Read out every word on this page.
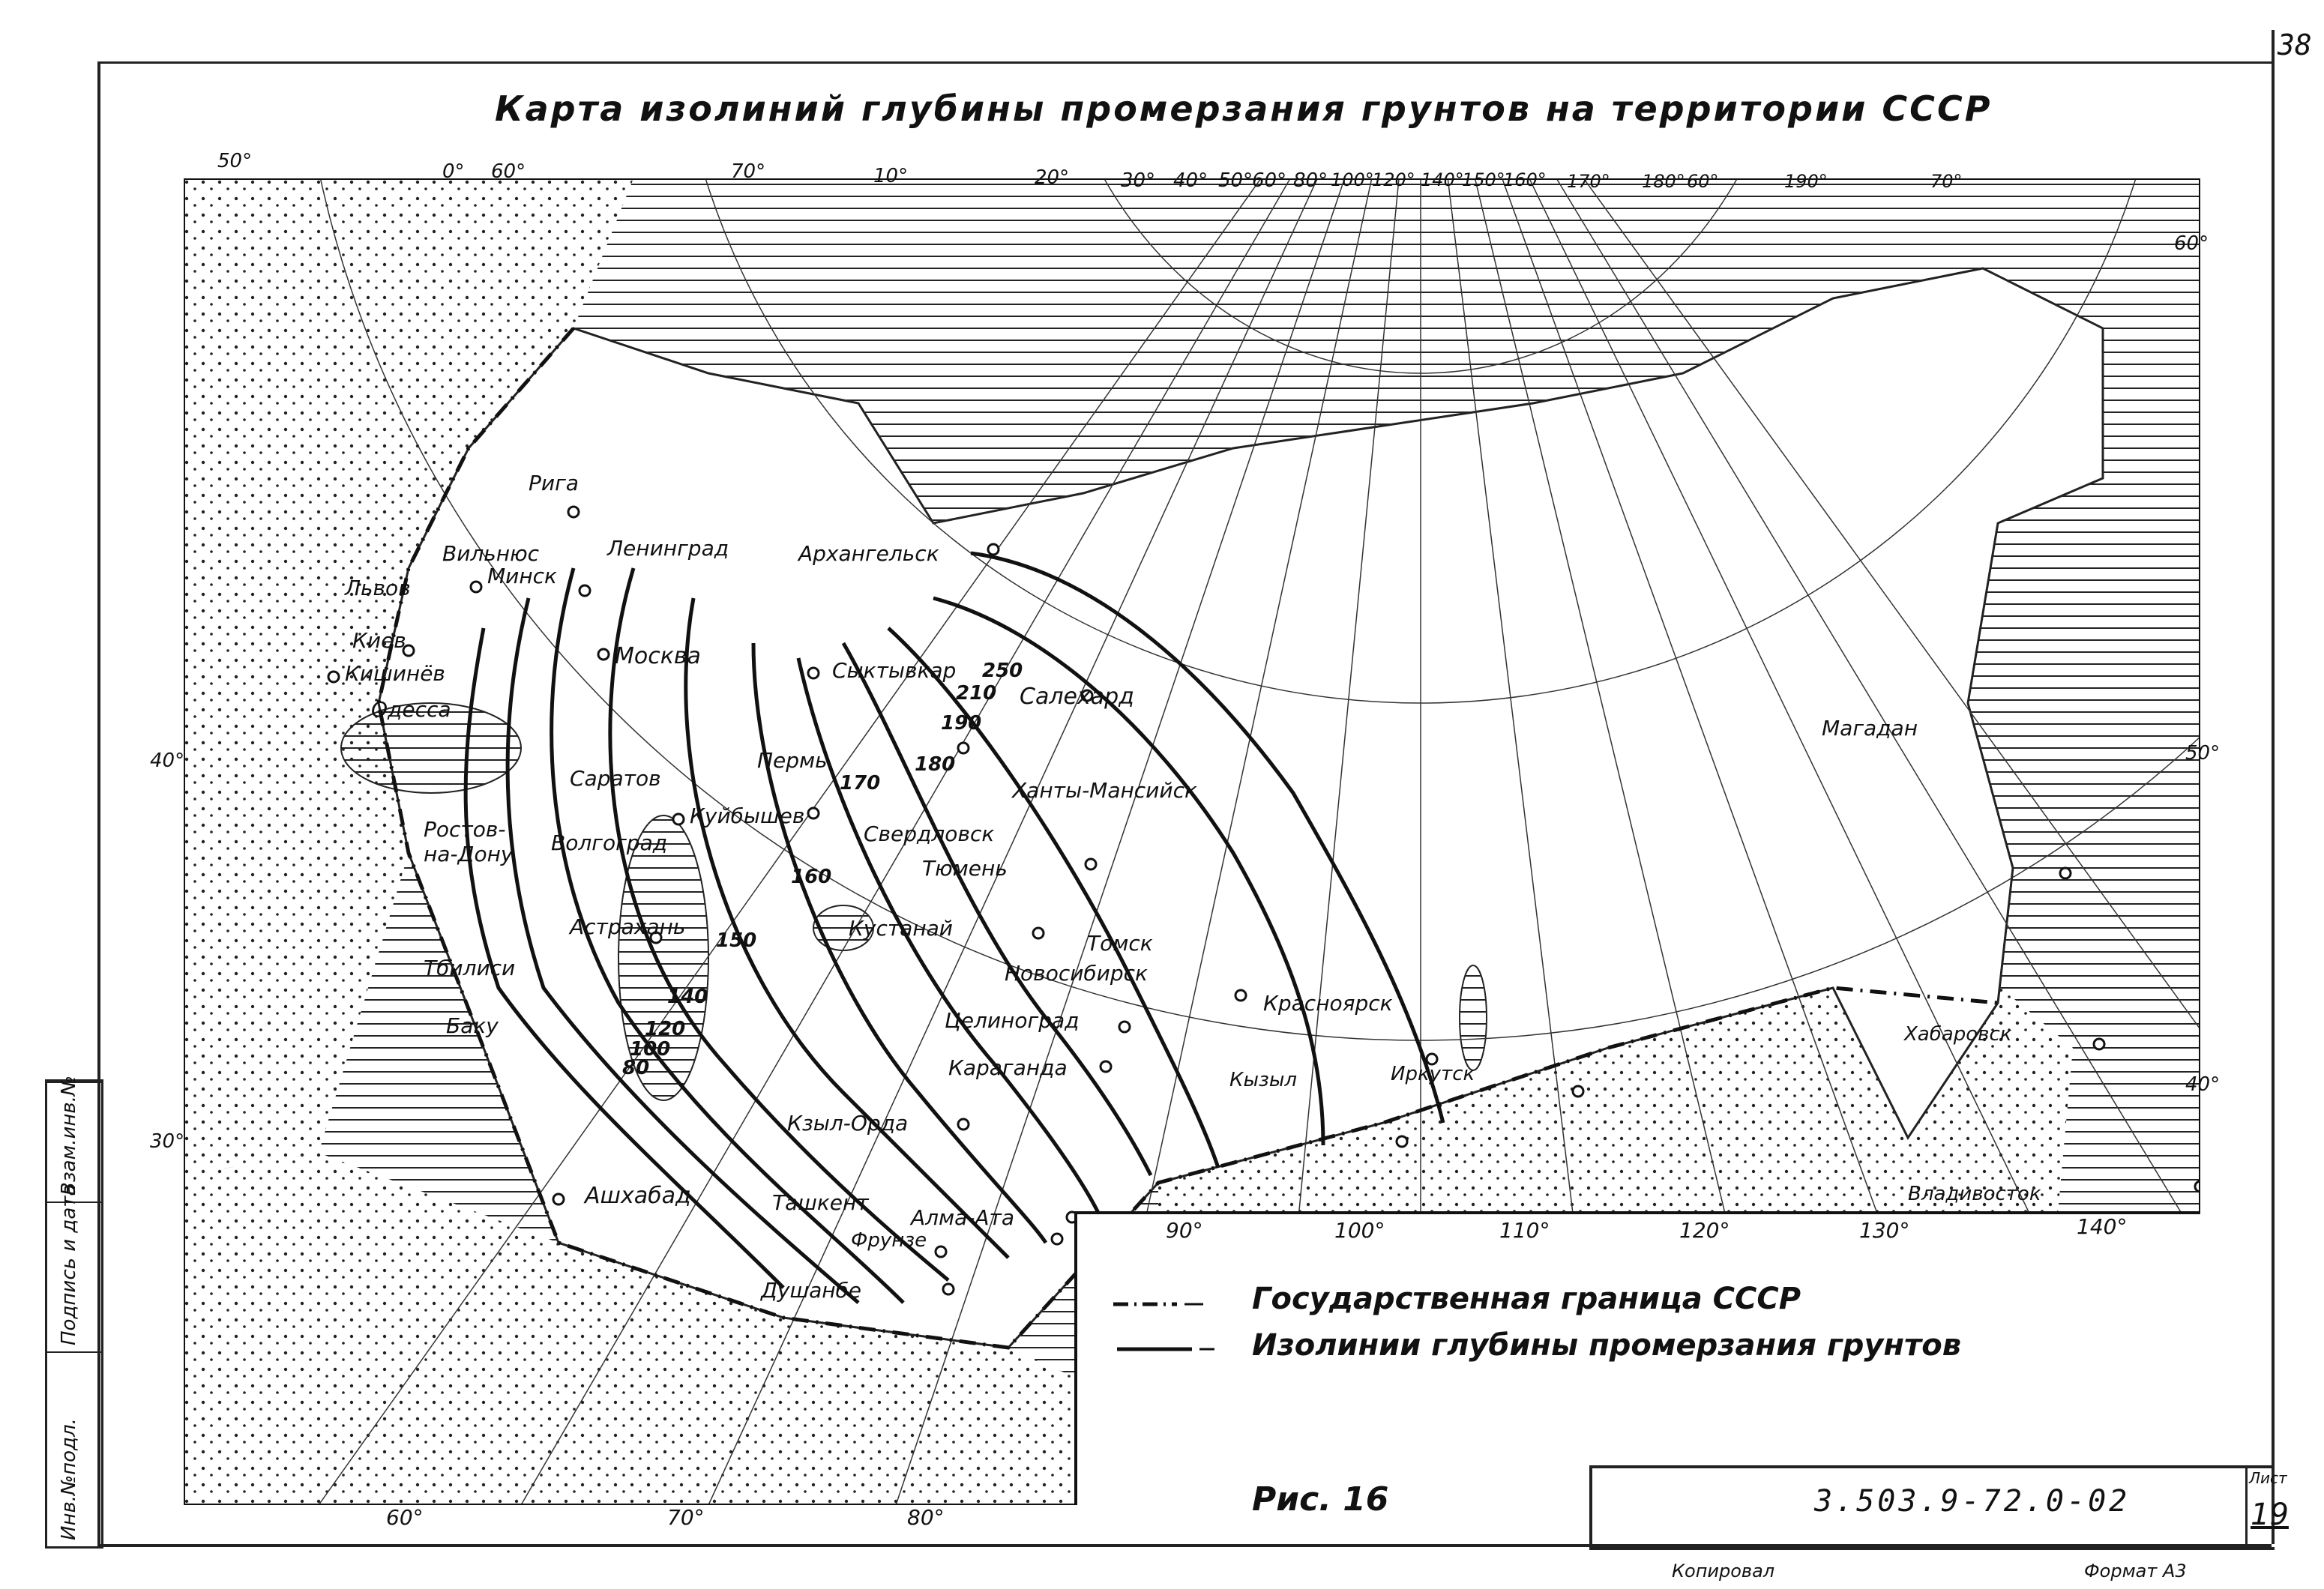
38
Карта изолиний глубины промерзания грунтов на территории СССР
Взам.инв.№
Подпись и дата
Инв.№подл.
50°	0° 60°	70°	10°	20°	30° 40° 50°
60° 80° 100°
120° 140°
150°
160° 170° 180° 60°	190°	70°
60°	70°	80°
90°	100°	110°	120°	130°	140°
40°
30°
60°
50°
40°
Рига
Вильнюс
Минск
Львов
Киев
Кишинёв
Одесса
Ленинград	Архангельск
Москва
Сыктывкар
Салехард
Пермь
Саратов
Куйбышев
Ханты-Мансийск
Свердловск
Тюмень
Ростов-на-Дону	Волгоград
Астрахань
Тбилиси
Баку
Кустанай
Томск
Новосибирск
Красноярск
Целиноград
Караганда	Кызыл	Иркутск
Кзыл-Орда
Ашхабад	Ташкент
Алма-Ата
Фрунзе
Душанбе
Магадан
Хабаровск
Владивосток
250
210
190
180
170
160
150
140
120
100
80
Государственная граница СССР
Изолинии глубины промерзания грунтов
Рис. 16	3.503.9-72.0-02
Лист
19
Копировал	Формат А3
